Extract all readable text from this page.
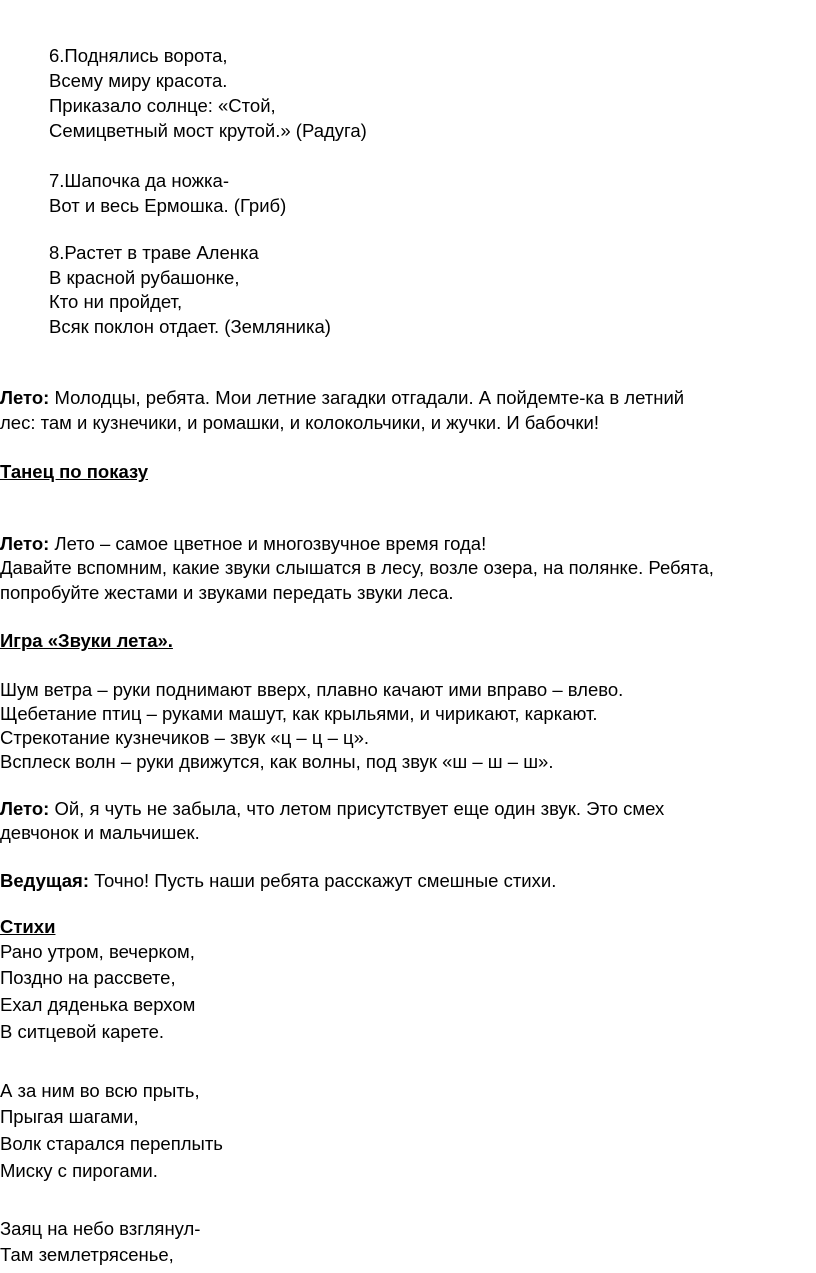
6.Поднялись ворота,
Всему миру красота.
Приказало солнце: «Стой,
Семицветный мост крутой.» (Радуга)
7.Шапочка да ножка-
Вот и весь Ермошка. (Гриб)
8.Растет в траве Аленка
В красной рубашонке,
Кто ни пройдет,
Всяк поклон отдает. (Земляника)
Лето: Молодцы, ребята. Мои летние загадки отгадали. А пойдемте-ка в летний
лес: там и кузнечики, и ромашки, и колокольчики, и жучки. И бабочки!
Танец по показу
Лето: Лето – самое цветное и многозвучное время года!
Давайте вспомним, какие звуки слышатся в лесу, возле озера, на полянке. Ребята,
попробуйте жестами и звуками передать звуки леса.
Игра «Звуки лета».
Шум ветра – руки поднимают вверх, плавно качают ими вправо – влево.
Щебетание птиц – руками машут, как крыльями, и чирикают, каркают.
Стрекотание кузнечиков – звук «ц – ц – ц».
Всплеск волн – руки движутся, как волны, под звук «ш – ш – ш».
Лето: Ой, я чуть не забыла, что летом присутствует еще один звук. Это смех
девчонок и мальчишек.
Ведущая: Точно! Пусть наши ребята расскажут смешные стихи.
Стихи
Рано утром, вечерком,
Поздно на рассвете,
Ехал дяденька верхом
В ситцевой карете.
А за ним во всю прыть,
Прыгая шагами,
Волк старался переплыть
Миску с пирогами.
Заяц на небо взглянул-
Там землетрясенье,
